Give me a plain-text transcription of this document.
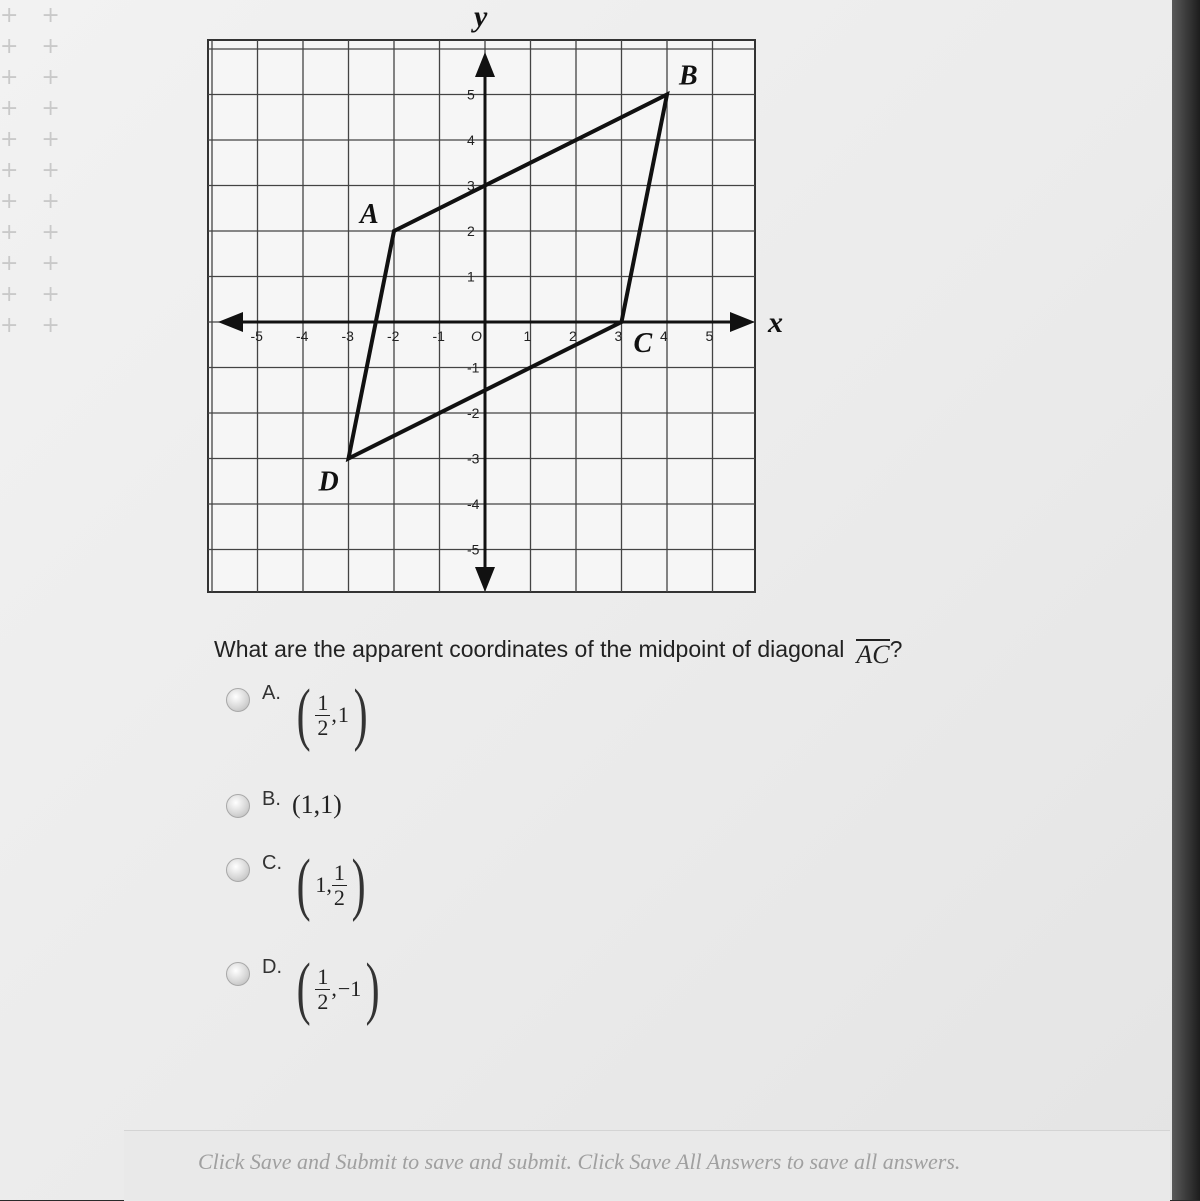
+ +
+ +
+ +
+ +
+ +
+ +
+ +
+ +
+ +
+ +
+ +	x
y
-5 -4 -3 -2 -1	1	2	3	4	5
O
5
4
3
2
1
-1
-2
-3
-4
-5
A
B
C
D
What are the apparent coordinates of the midpoint of diagonal AC?
A. ( $\frac{1}{2}$ , 1 )
B. (1,1)
C. ( 1, $\frac{1}{2}$ )
D. ( $\frac{1}{2}$ , −1 )
Click Save and Submit to save and submit. Click Save All Answers to save all answers.
